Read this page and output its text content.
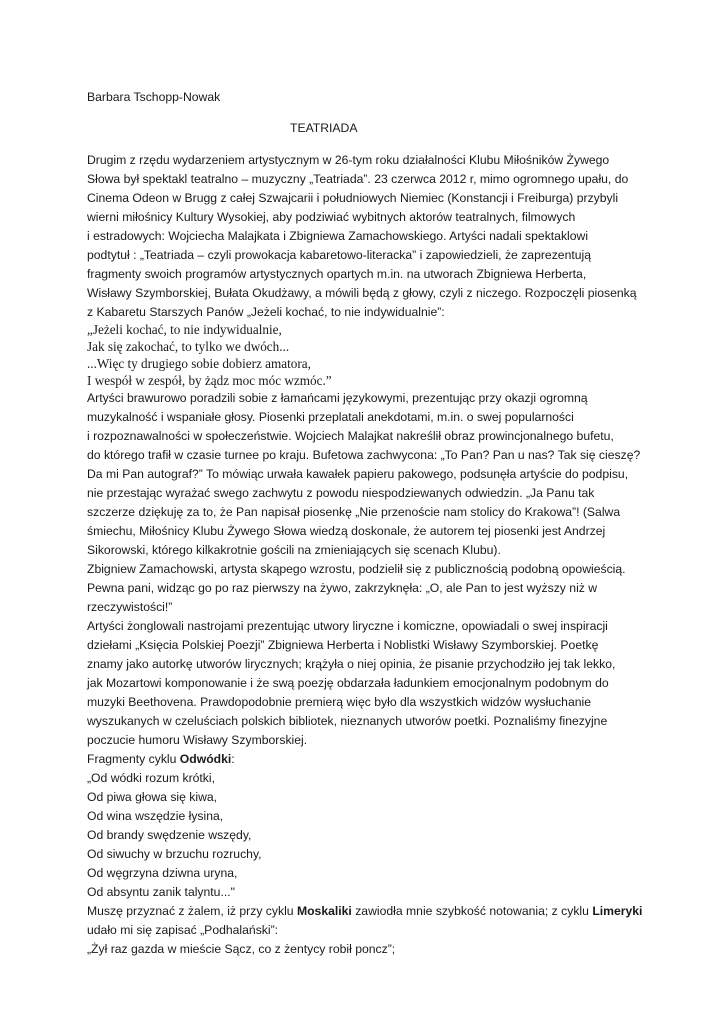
Barbara Tschopp-Nowak
TEATRIADA
Drugim z rzędu wydarzeniem artystycznym w 26-tym roku działalności Klubu Miłośników Żywego
Słowa był spektakl teatralno – muzyczny „Teatriada”. 23 czerwca 2012 r, mimo ogromnego upału, do
Cinema Odeon w Brugg z całej Szwajcarii i południowych Niemiec (Konstancji i Freiburga) przybyli
wierni miłośnicy Kultury Wysokiej, aby podziwiać wybitnych aktorów teatralnych, filmowych
i estradowych: Wojciecha Malajkata i Zbigniewa Zamachowskiego. Artyści nadali spektaklowi
podtytuł : „Teatriada – czyli prowokacja kabaretowo-literacka” i zapowiedzieli, że zaprezentują
fragmenty swoich programów artystycznych opartych m.in. na utworach Zbigniewa Herberta,
Wisławy Szymborskiej, Bułata Okudżawy, a mówili będą z głowy, czyli z niczego. Rozpoczęli piosenką
z Kabaretu Starszych Panów „Jeżeli kochać, to nie indywidualnie”:
„Jeżeli kochać, to nie indywidualnie,
Jak się zakochać, to tylko we dwóch...
...Więc ty drugiego sobie dobierz amatora,
I wespół w zespół, by żądz moc móc wzmóc.”
Artyści brawurowo poradzili sobie z łamańcami językowymi, prezentując przy okazji ogromną
muzykalność i wspaniałe głosy. Piosenki przeplatali anekdotami, m.in. o swej popularności
i rozpoznawalności w społeczeństwie. Wojciech Malajkat nakreślił obraz prowincjonalnego bufetu,
do którego trafił w czasie turnee po kraju. Bufetowa zachwycona: „To Pan? Pan u nas? Tak się cieszę?
Da mi Pan autograf?” To mówiąc urwała kawałek papieru pakowego, podsunęła artyście do podpisu,
nie przestając wyrażać swego zachwytu z powodu niespodziewanych odwiedzin. „Ja Panu tak
szczerze dziękuję za to, że Pan napisał piosenkę „Nie przenoście nam stolicy do Krakowa”! (Salwa
śmiechu, Miłośnicy Klubu Żywego Słowa wiedzą doskonale, że autorem tej piosenki jest Andrzej
Sikorowski, którego kilkakrotnie gościli na zmieniających się scenach Klubu).
Zbigniew Zamachowski, artysta skąpego wzrostu, podzielił się z publicznością podobną opowieścią.
Pewna pani, widząc go po raz pierwszy na żywo, zakrzyknęła: „O, ale Pan to jest wyższy niż w
rzeczywistości!”
Artyści żonglowali nastrojami prezentując utwory liryczne i komiczne, opowiadali o swej inspiracji
dziełami „Księcia Polskiej Poezji” Zbigniewa Herberta i Noblistki Wisławy Szymborskiej. Poetkę
znamy jako autorkę utworów lirycznych; krążyła o niej opinia, że pisanie przychodziło jej tak lekko,
jak Mozartowi komponowanie i że swą poezję obdarzała ładunkiem emocjonalnym podobnym do
muzyki Beethovena. Prawdopodobnie premierą więc było dla wszystkich widzów wysłuchanie
wyszukanych w czeluściach polskich bibliotek, nieznanych utworów poetki. Poznaliśmy finezyjne
poczucie humoru Wisławy Szymborskiej.
Fragmenty cyklu Odwódki:
„Od wódki rozum krótki,
Od piwa głowa się kiwa,
Od wina wszędzie łysina,
Od brandy swędzenie wszędy,
Od siwuchy w brzuchu rozruchy,
Od węgrzyna dziwna uryna,
Od absyntu zanik talyntu..."
Muszę przyznać z żalem, iż przy cyklu Moskaliki zawiodła mnie szybkość notowania; z cyklu Limeryki
udało mi się zapisać „Podhalański”:
„Żył raz gazda w mieście Sącz, co z żentycy robił poncz”;
